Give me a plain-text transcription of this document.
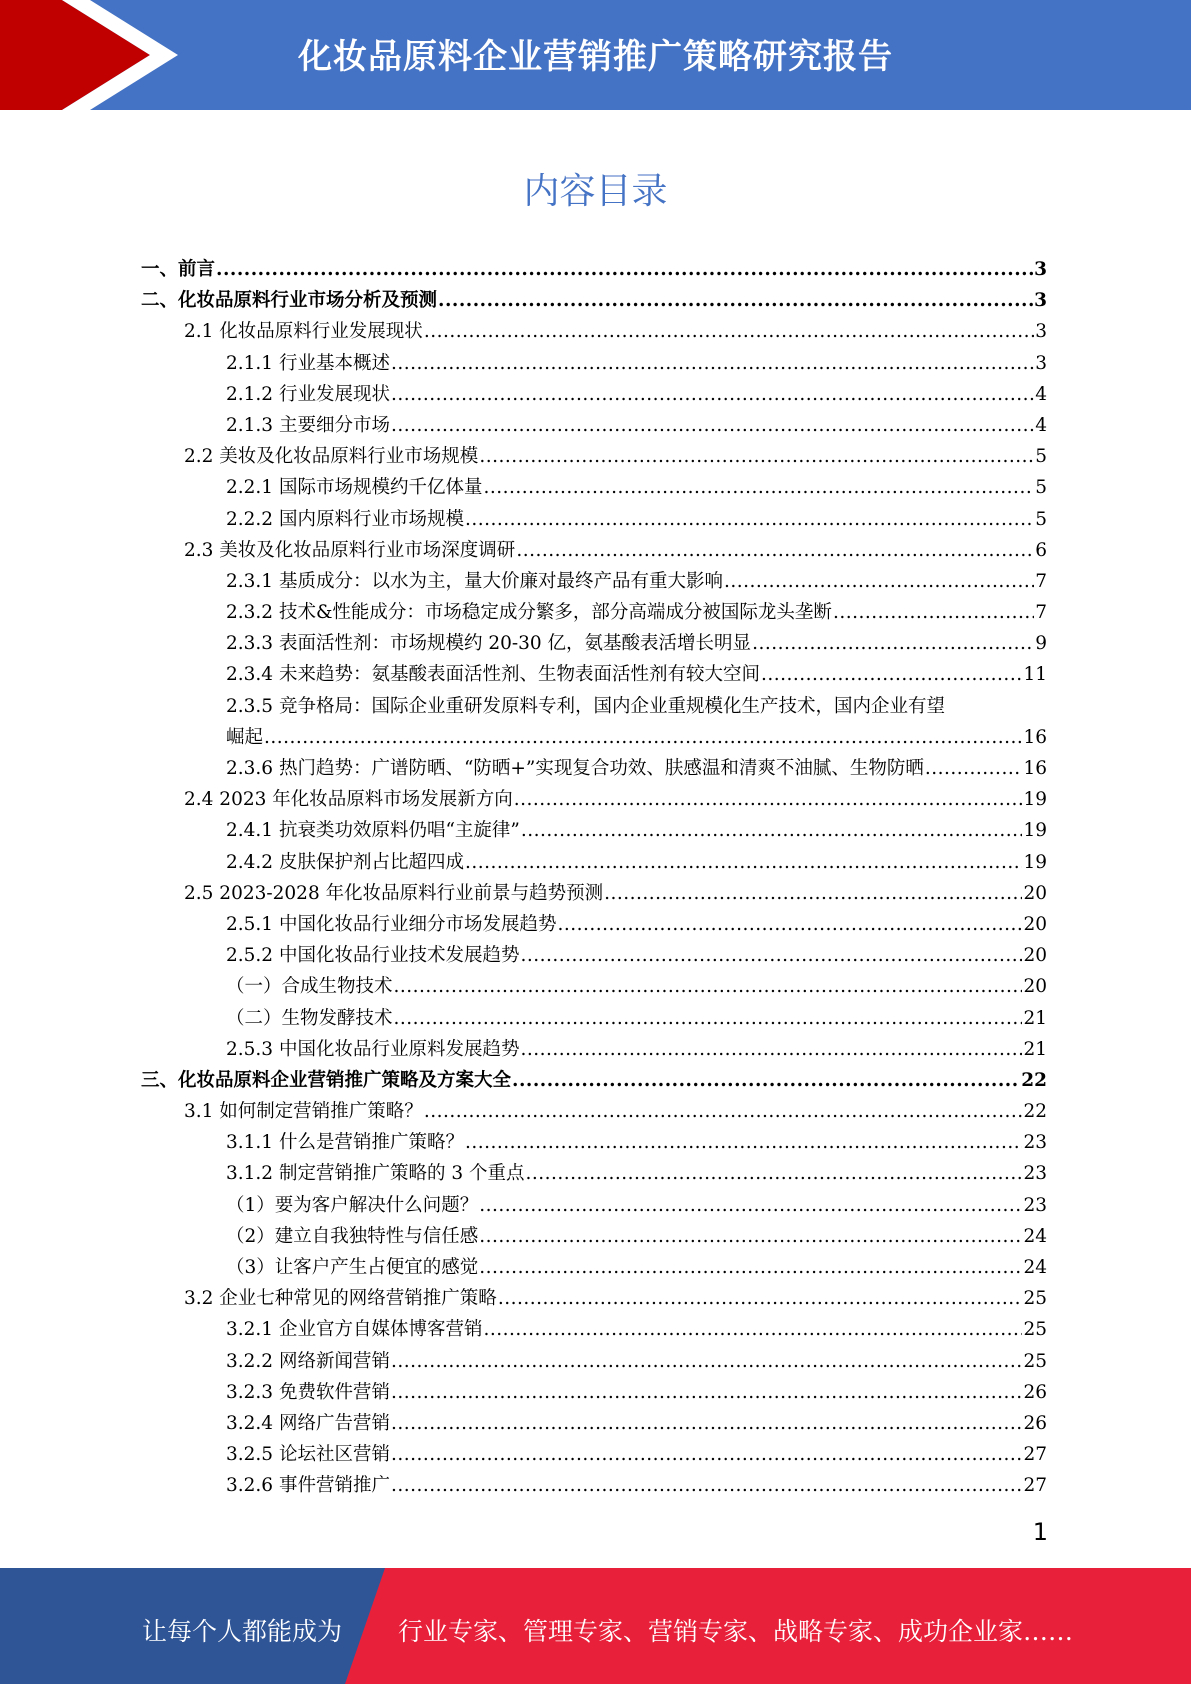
化妆品原料企业营销推广策略研究报告
内容目录
一、前言 .....	3
二、化妆品原料行业市场分析及预测 .....	3
2.1 化妆品原料行业发展现状 .....	3
2.1.1 行业基本概述 .....	3
2.1.2 行业发展现状 .....	4
2.1.3 主要细分市场 .....	4
2.2 美妆及化妆品原料行业市场规模 .....	5
2.2.1 国际市场规模约千亿体量 .....	5
2.2.2 国内原料行业市场规模 .....	5
2.3 美妆及化妆品原料行业市场深度调研 .....	6
2.3.1 基质成分：以水为主，量大价廉对最终产品有重大影响 .....	7
2.3.2 技术&性能成分：市场稳定成分繁多，部分高端成分被国际龙头垄断 .....	7
2.3.3 表面活性剂：市场规模约 20-30 亿，氨基酸表活增长明显 .....	9
2.3.4 未来趋势：氨基酸表面活性剂、生物表面活性剂有较大空间 .....	11
2.3.5 竞争格局：国际企业重研发原料专利，国内企业重规模化生产技术，国内企业有望
崛起 .....	16
2.3.6 热门趋势：广谱防晒、“防晒+”实现复合功效、肤感温和清爽不油腻、生物防晒 .....	16
2.4 2023 年化妆品原料市场发展新方向 .....	19
2.4.1 抗衰类功效原料仍唱“主旋律” .....	19
2.4.2 皮肤保护剂占比超四成 .....	19
2.5 2023-2028 年化妆品原料行业前景与趋势预测 .....	20
2.5.1 中国化妆品行业细分市场发展趋势 .....	20
2.5.2 中国化妆品行业技术发展趋势 .....	20
（一）合成生物技术 .....	20
（二）生物发酵技术 .....	21
2.5.3 中国化妆品行业原料发展趋势 .....	21
三、化妆品原料企业营销推广策略及方案大全 .....	22
3.1 如何制定营销推广策略？ .....	22
3.1.1 什么是营销推广策略？ .....	23
3.1.2 制定营销推广策略的 3 个重点 .....	23
（1）要为客户解决什么问题？ .....	23
（2）建立自我独特性与信任感 .....	24
（3）让客户产生占便宜的感觉 .....	24
3.2 企业七种常见的网络营销推广策略 .....	25
3.2.1 企业官方自媒体博客营销 .....	25
3.2.2 网络新闻营销 .....	25
3.2.3 免费软件营销 .....	26
3.2.4 网络广告营销 .....	26
3.2.5 论坛社区营销 .....	27
3.2.6 事件营销推广 .....	27
1
让每个人都能成为 行业专家、管理专家、营销专家、战略专家、成功企业家……
